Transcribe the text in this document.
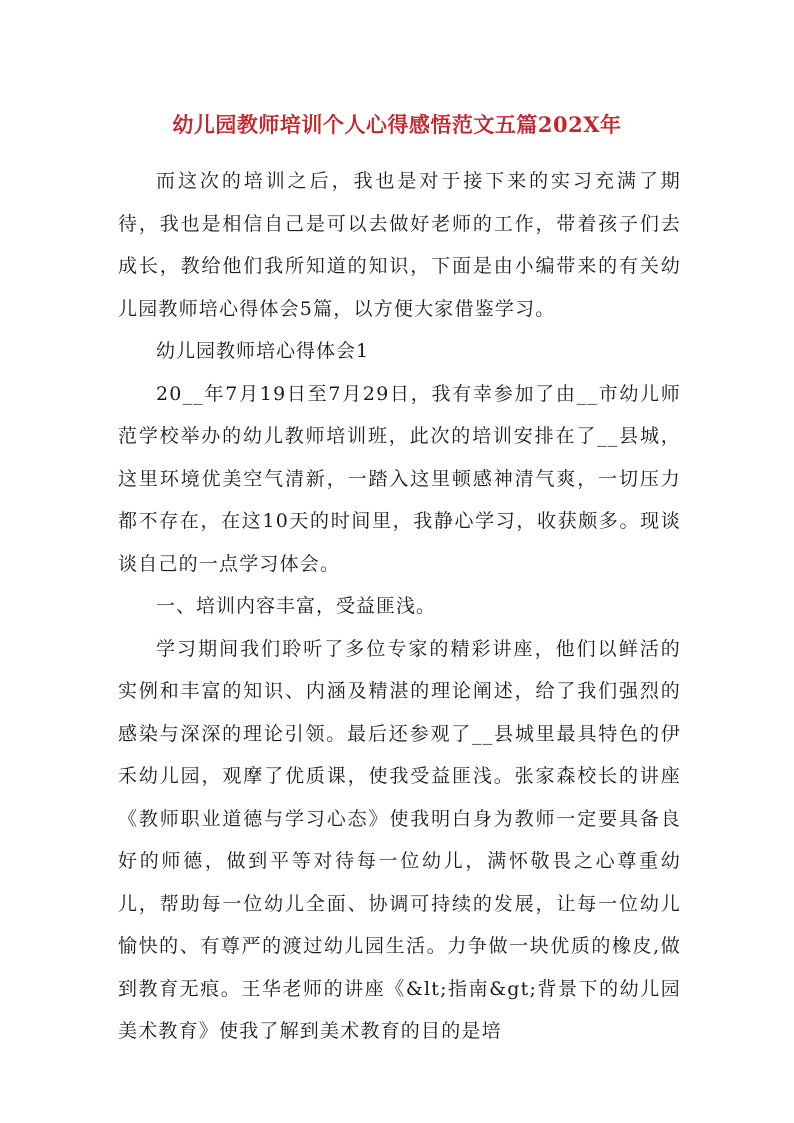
幼儿园教师培训个人心得感悟范文五篇202X年

而这次的培训之后，我也是对于接下来的实习充满了期待，我也是相信自己是可以去做好老师的工作，带着孩子们去成长，教给他们我所知道的知识，下面是由小编带来的有关幼儿园教师培心得体会5篇，以方便大家借鉴学习。

幼儿园教师培心得体会1

20__年7月19日至7月29日，我有幸参加了由__市幼儿师范学校举办的幼儿教师培训班，此次的培训安排在了__县城，这里环境优美空气清新，一踏入这里顿感神清气爽，一切压力都不存在，在这10天的时间里，我静心学习，收获颇多。现谈谈自己的一点学习体会。

一、培训内容丰富，受益匪浅。

学习期间我们聆听了多位专家的精彩讲座，他们以鲜活的实例和丰富的知识、内涵及精湛的理论阐述，给了我们强烈的感染与深深的理论引领。最后还参观了__县城里最具特色的伊禾幼儿园，观摩了优质课，使我受益匪浅。张家森校长的讲座《教师职业道德与学习心态》使我明白身为教师一定要具备良好的师德，做到平等对待每一位幼儿，满怀敬畏之心尊重幼儿，帮助每一位幼儿全面、协调可持续的发展，让每一位幼儿愉快的、有尊严的渡过幼儿园生活。力争做一块优质的橡皮,做到教育无痕。王华老师的讲座《&lt;指南&gt;背景下的幼儿园美术教育》使我了解到美术教育的目的是培
